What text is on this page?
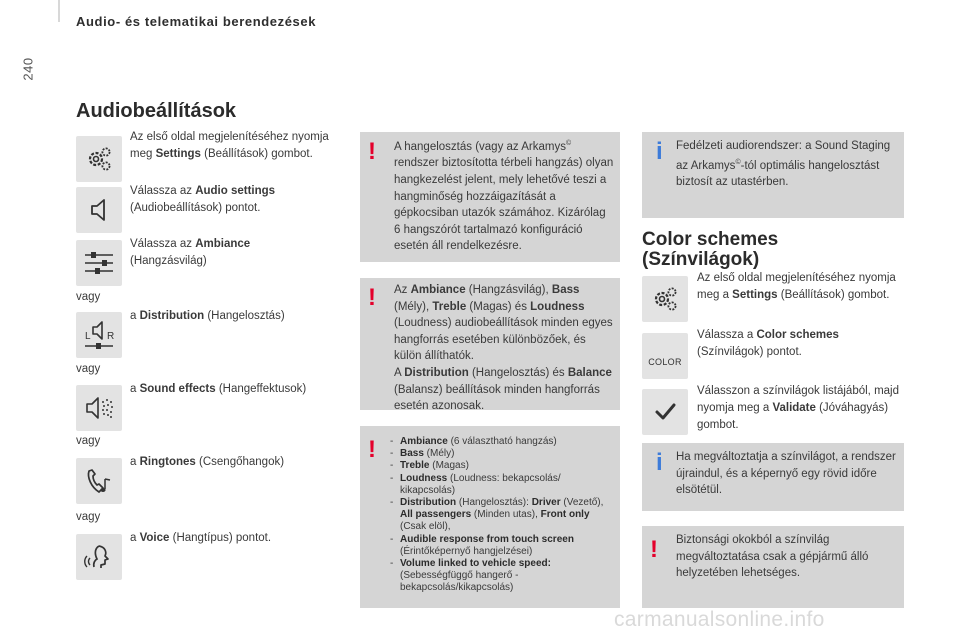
240
Audio- és telematikai berendezések
Audiobeállítások
Az első oldal megjelenítéséhez nyomja meg Settings (Beállítások) gombot.
Válassza az Audio settings (Audiobeállítások) pontot.
Válassza az Ambiance (Hangzásvilág)
vagy
L R
a Distribution (Hangelosztás)
vagy
a Sound effects (Hangeffektusok)
vagy
a Ringtones (Csengőhangok)
vagy
a Voice (Hangtípus) pontot.
! A hangelosztás (vagy az Arkamys© rendszer biztosította térbeli hangzás) olyan hangkezelést jelent, mely lehetővé teszi a hangminőség hozzáigazítását a gépkocsiban utazók számához. Kizárólag 6 hangszórót tartalmazó konfiguráció esetén áll rendelkezésre.
! Az Ambiance (Hangzásvilág), Bass (Mély), Treble (Magas) és Loudness (Loudness) audiobeállítások minden egyes hangforrás esetében különbözőek, és külön állíthatók.
A Distribution (Hangelosztás) és Balance (Balansz) beállítások minden hangforrás esetén azonosak.
!
-	Ambiance (6 választható hangzás)
- Bass (Mély)
- Treble (Magas)
- Loudness (Loudness: bekapcsolás/ kikapcsolás)
- Distribution (Hangelosztás): Driver (Vezető), All passengers (Minden utas), Front only (Csak elöl),
- Audible response from touch screen (Érintőképernyő hangjelzései)
- Volume linked to vehicle speed: (Sebességfüggő hangerő - bekapcsolás/kikapcsolás)
i Fedélzeti audiorendszer: a Sound Staging az Arkamys©-tól optimális hangelosztást biztosít az utastérben.
Color schemes (Színvilágok)
Az első oldal megjelenítéséhez nyomja meg a Settings (Beállítások) gombot.
COLOR
Válassza a Color schemes (Színvilágok) pontot.
Válasszon a színvilágok listájából, majd nyomja meg a Validate (Jóváhagyás) gombot.
i Ha megváltoztatja a színvilágot, a rendszer újraindul, és a képernyő egy rövid időre elsötétül.
! Biztonsági okokból a színvilág megváltoztatása csak a gépjármű álló helyzetében lehetséges.
carmanualsonline.info
